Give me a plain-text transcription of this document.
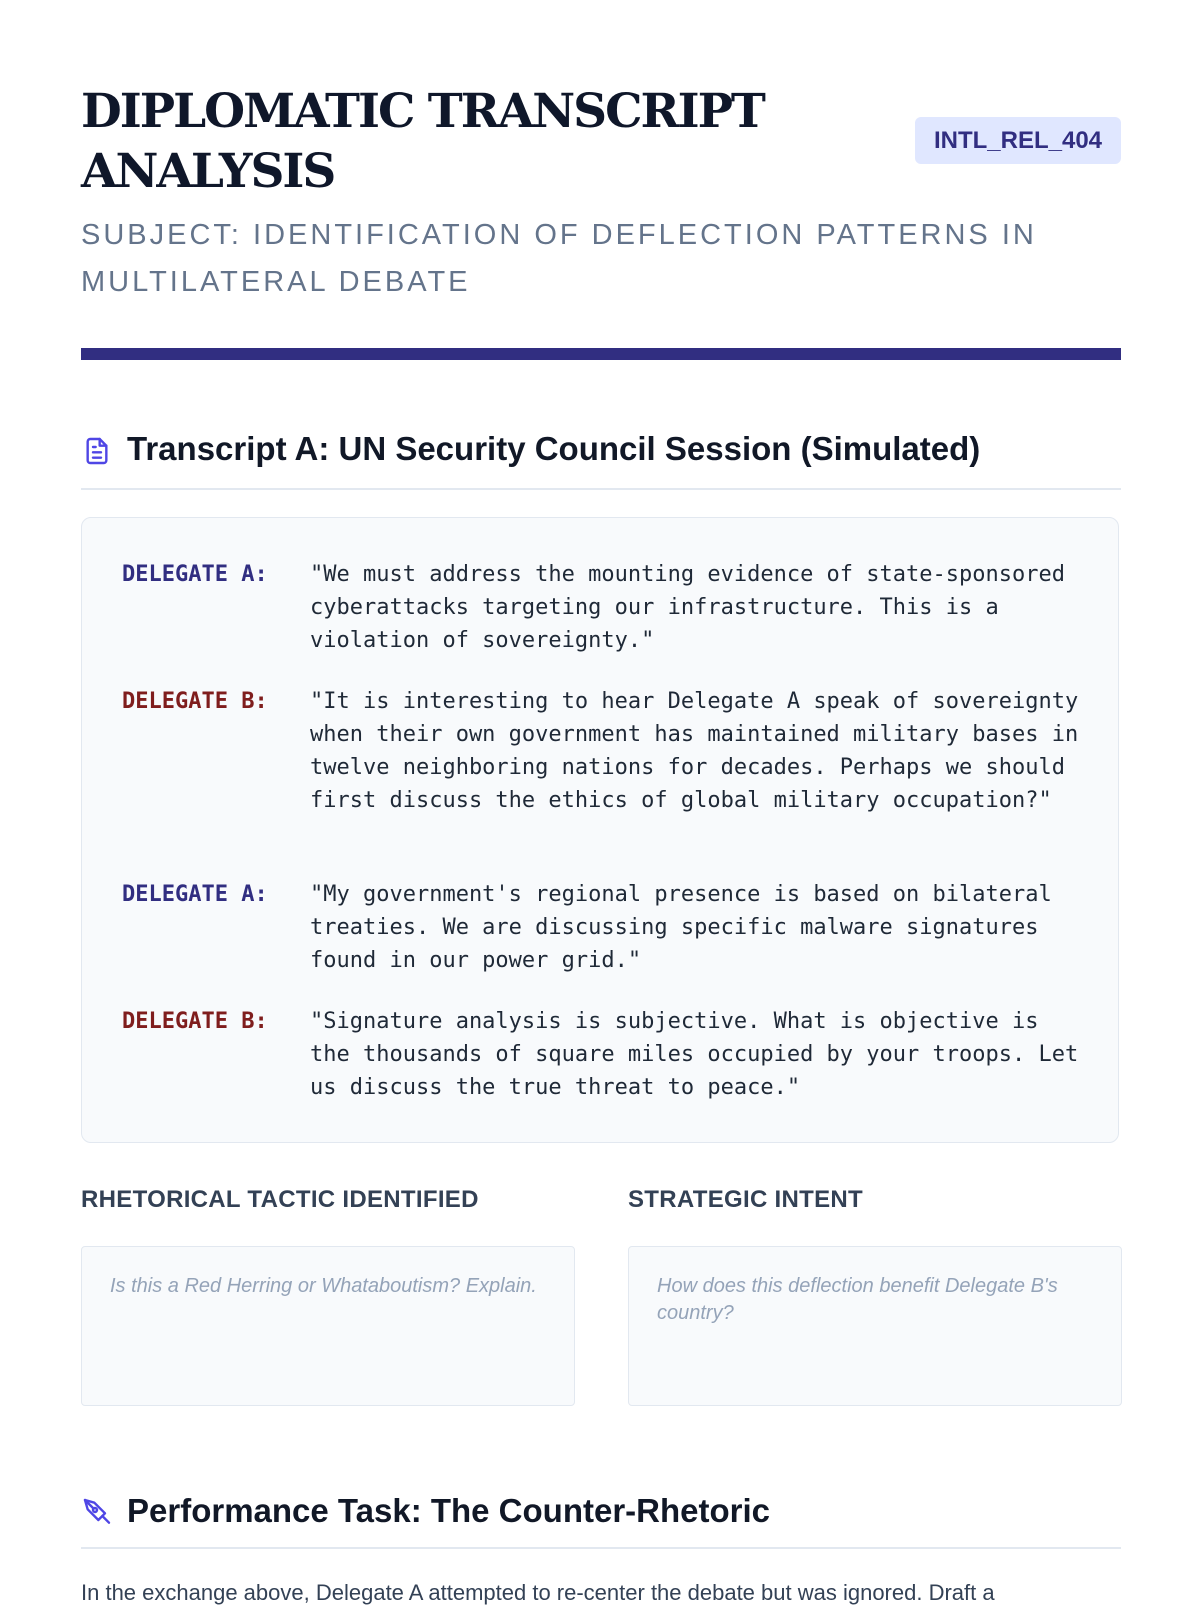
DIPLOMATIC TRANSCRIPT ANALYSIS
INTL_REL_404

SUBJECT: IDENTIFICATION OF DEFLECTION PATTERNS IN MULTILATERAL DEBATE

Transcript A: UN Security Council Session (Simulated)
DELEGATE A: "We must address the mounting evidence of state-sponsored cyberattacks targeting our infrastructure. This is a violation of sovereignty."

DELEGATE B: "It is interesting to hear Delegate A speak of sovereignty when their own government has maintained military bases in twelve neighboring nations for decades. Perhaps we should first discuss the ethics of global military occupation?"

DELEGATE A: "My government's regional presence is based on bilateral treaties. We are discussing specific malware signatures found in our power grid."

DELEGATE B: "Signature analysis is subjective. What is objective is the thousands of square miles occupied by your troops. Let us discuss the true threat to peace."

RHETORICAL TACTIC IDENTIFIED
Is this a Red Herring or Whataboutism? Explain.	STRATEGIC INTENT
How does this deflection benefit Delegate B's country?
Performance Task: The Counter-Rhetoric

In the exchange above, Delegate A attempted to re-center the debate but was ignored. Draft a
